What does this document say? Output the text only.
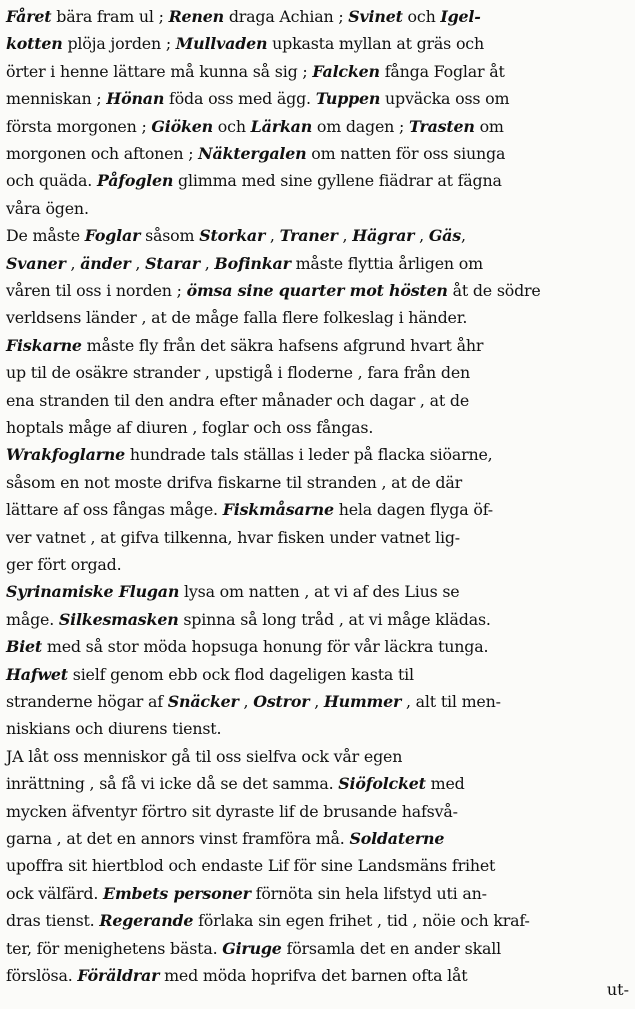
Fåret bära fram ul ; Renen draga Achian ; Svinet och Igel-
kotten plöja jorden ; Mullvaden upkasta myllan at gräs och
örter i henne lättare må kunna så sig ; Falcken fånga Foglar åt
menniskan ; Hönan föda oss med ägg. Tuppen upväcka oss om
första morgonen ; Giöken och Lärkan om dagen ; Trasten om
morgonen och aftonen ; Näktergalen om natten för oss siunga
och quäda. Påfoglen glimma med sine gyllene fiädrar at fägna
våra ögen.
De måste Foglar såsom Storkar , Traner , Hägrar , Gäs,
Svaner , änder , Starar , Bofinkar måste flyttia årligen om
våren til oss i norden ; ömsa sine quarter mot hösten åt de södre
verldsens länder , at de måge falla flere folkeslag i händer.
Fiskarne måste fly från det säkra hafsens afgrund hvart åhr
up til de osäkre strander , upstigå i floderne , fara från den
ena stranden til den andra efter månader och dagar , at de
hoptals måge af diuren , foglar och oss fångas.
Wrakfoglarne hundrade tals ställas i leder på flacka siöarne,
såsom en not moste drifva fiskarne til stranden , at de där
lättare af oss fångas måge. Fiskmåsarne hela dagen flyga öf-
ver vatnet , at gifva tilkenna, hvar fisken under vatnet lig-
ger fört orgad.
Syrinamiske Flugan lysa om natten , at vi af des Lius se
måge. Silkesmasken spinna så long tråd , at vi måge klädas.
Biet med så stor möda hopsuga honung för vår läckra tunga.
Hafwet sielf genom ebb ock flod dageligen kasta til
stranderne högar af Snäcker , Ostror , Hummer , alt til men-
niskians och diurens tienst.
JA låt oss menniskor gå til oss sielfva ock vår egen
inrättning , så få vi icke då se det samma. Siöfolcket med
mycken äfventyr förtro sit dyraste lif de brusande hafsvå-
garna , at det en annors vinst framföra må. Soldaterne
upoffra sit hiertblod och endaste Lif för sine Landsmäns frihet
ock välfärd. Embets personer förnöta sin hela lifstyd uti an-
dras tienst. Regerande förlaka sin egen frihet , tid , nöie och kraf-
ter, för menighetens bästa. Giruge församla det en ander skall
förslösa. Föräldrar med möda hoprifva det barnen ofta låt
ut-
